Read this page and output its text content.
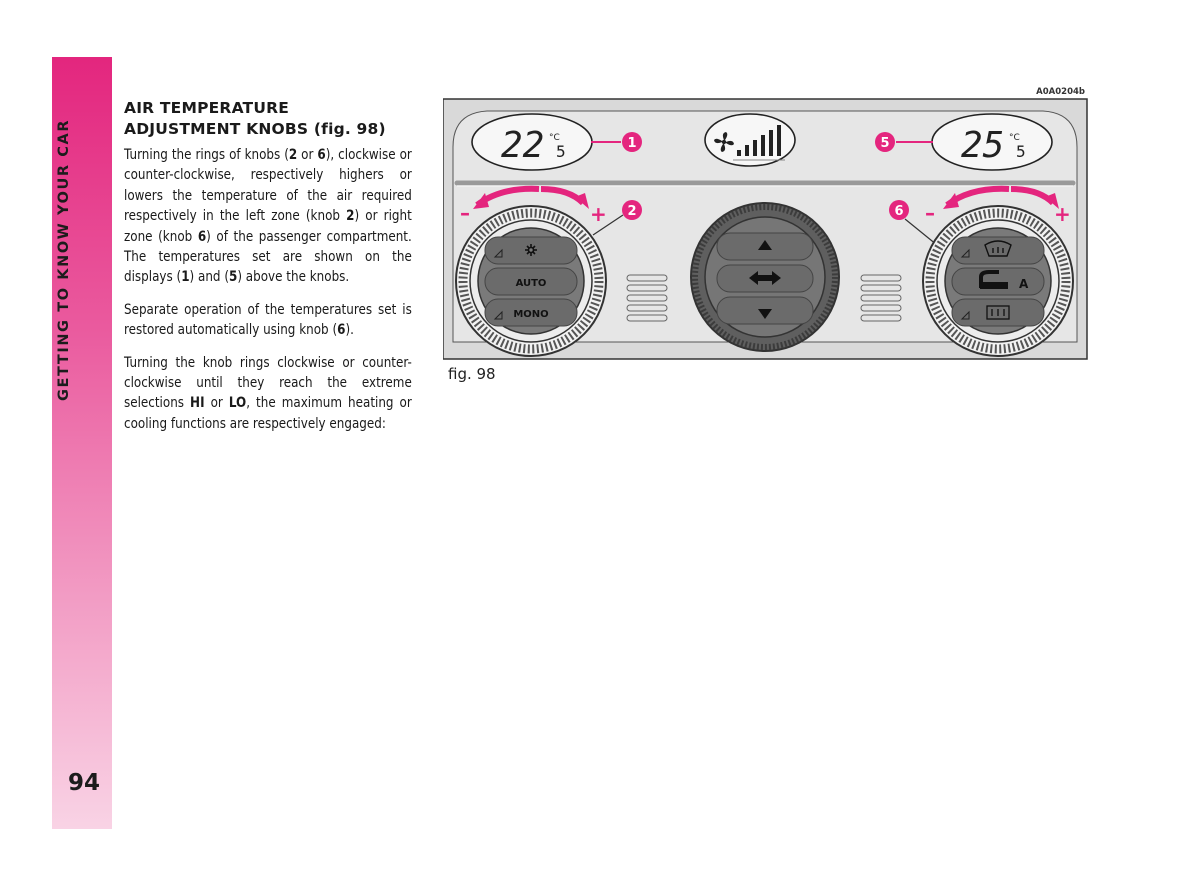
94
AIR TEMPERATURE
ADJUSTMENT KNOBS (fig. 98)

Turning the rings of knobs (2 or 6), clockwise or counter-clockwise, respectively highers or lowers the temperature of the air required respectively in the left zone (knob 2) or right zone (knob 6) of the passenger compartment. The temperatures set are shown on the displays (1) and (5) above the knobs.

Separate operation of the temperatures set is restored automatically using knob (6).

Turning the knob rings clockwise or counter-clockwise until they reach the extreme selections HI or LO, the maximum heating or cooling functions are respectively engaged:

A0A0204b
22 °C
5	1	25 °C
5
5
–	+ 2
AUTO
MONO
–	+
6
A
fig. 98
